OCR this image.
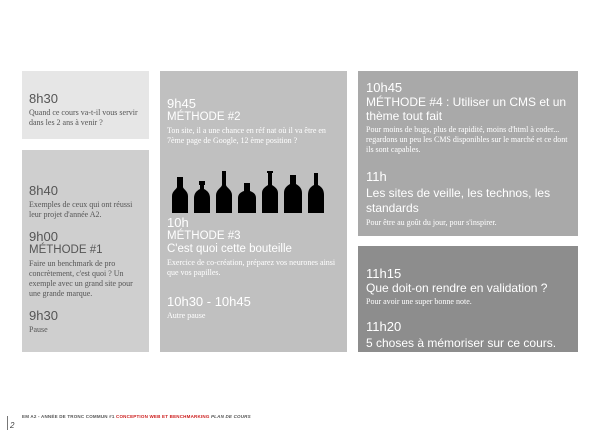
8h30

Quand ce cours va-t-il vous servir dans les 2 ans à venir ?

8h40

Exemples de ceux qui ont réussi leur projet d'année A2.

9h00

MÉTHODE #1

Faire un benchmark de pro concrètement, c'est quoi ? Un exemple avec un grand site pour une grande marque.

9h30

Pause

9h45

MÉTHODE #2

Ton site, il a une chance en réf nat où il va être en 7ème page de Google, 12 ème position ?

10h

MÉTHODE #3

C'est quoi cette bouteille

Exercice de co-création, préparez vos neurones ainsi que vos papilles.

10h30 - 10h45

Autre pause

10h45

MÉTHODE #4 : Utiliser un CMS et un thème tout fait

Pour moins de bugs, plus de rapidité, moins d'html à coder... regardons un peu les CMS disponibles sur le marché et ce dont ils sont capables.

11h

Les sites de veille, les technos, les standards

Pour être au goût du jour, pour s'inspirer.

11h15

Que doit-on rendre en validation ?

Pour avoir une super bonne note.

11h20

5 choses à mémoriser sur ce cours.

EM A2 - ANNÉE DE TRONC COMMUN #1 CONCEPTION WEB ET BENCHMARKING PLAN DE COURS
2
